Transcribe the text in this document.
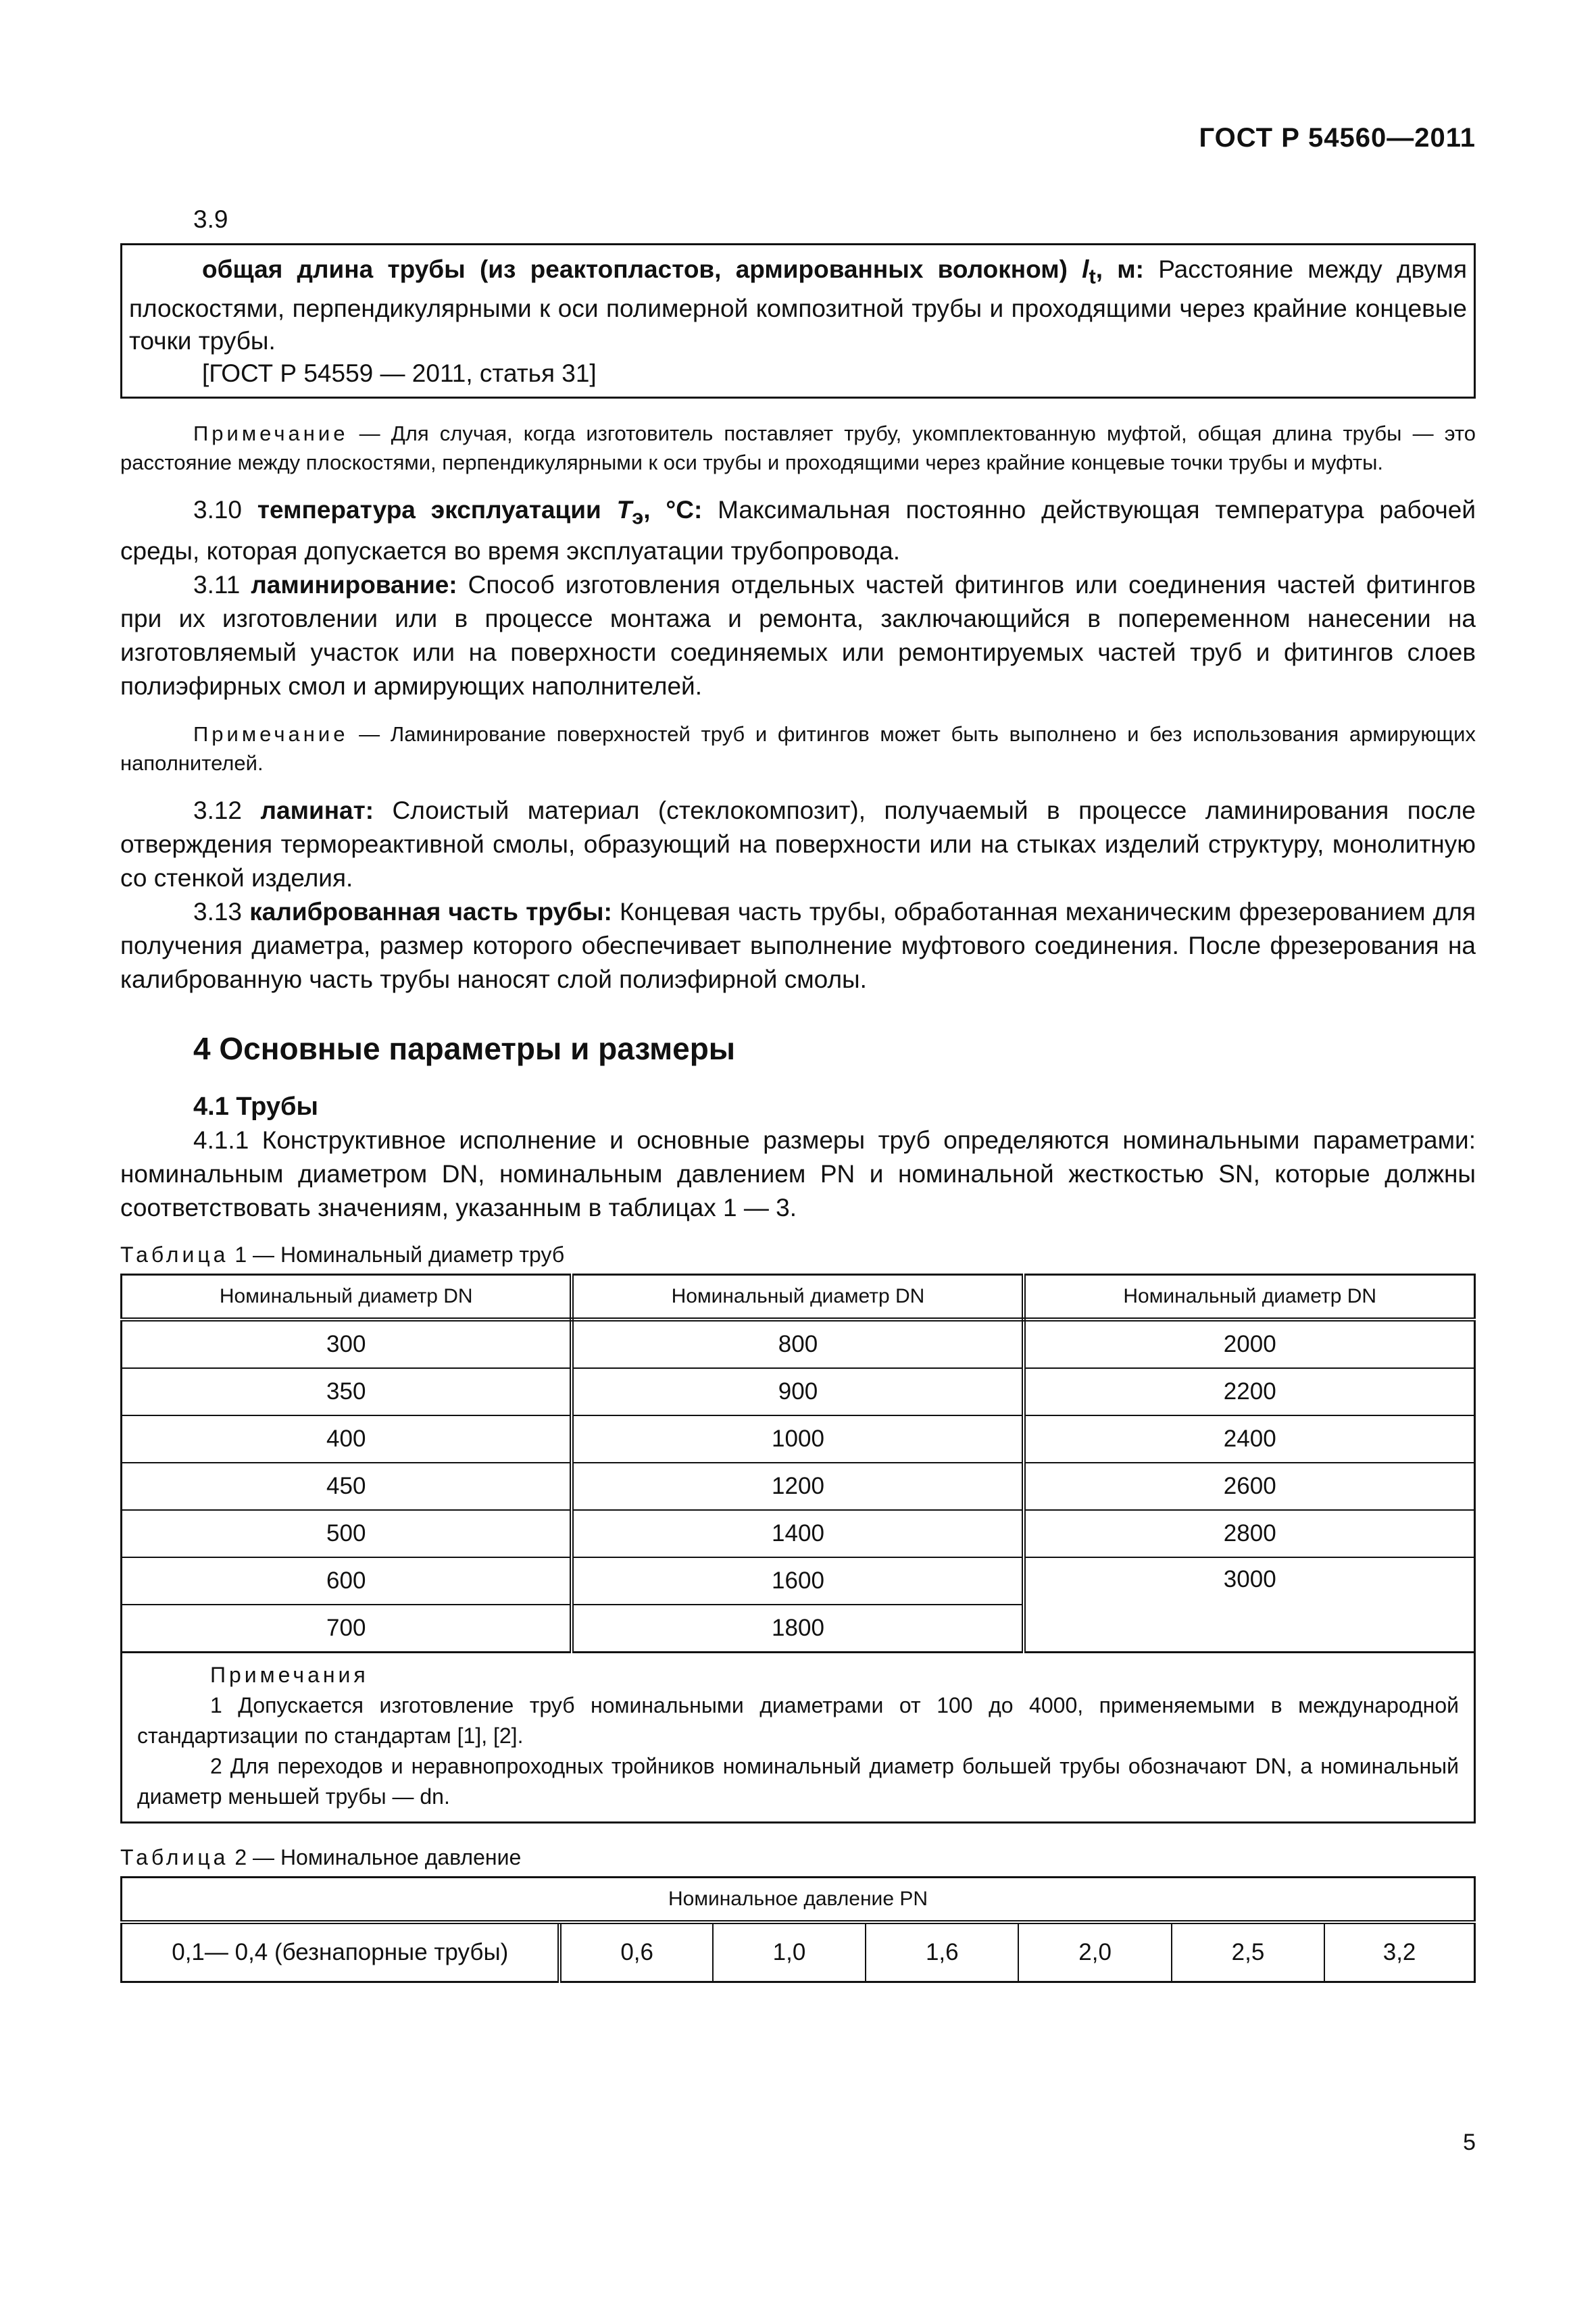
ГОСТ Р 54560—2011
3.9

общая длина трубы (из реактопластов, армированных волокном) $l_t$, м: Расстояние между двумя плоскостями, перпендикулярными к оси полимерной композитной трубы и проходящими через крайние концевые точки трубы.

[ГОСТ Р 54559 — 2011, статья 31]

Примечание — Для случая, когда изготовитель поставляет трубу, укомплектованную муфтой, общая длина трубы — это расстояние между плоскостями, перпендикулярными к оси трубы и проходящими через крайние концевые точки трубы и муфты.

3.10 температура эксплуатации $T_э$, °С: Максимальная постоянно действующая температура рабочей среды, которая допускается во время эксплуатации трубопровода.

3.11 ламинирование: Способ изготовления отдельных частей фитингов или соединения частей фитингов при их изготовлении или в процессе монтажа и ремонта, заключающийся в попеременном нанесении на изготовляемый участок или на поверхности соединяемых или ремонтируемых частей труб и фитингов слоев полиэфирных смол и армирующих наполнителей.

Примечание — Ламинирование поверхностей труб и фитингов может быть выполнено и без использования армирующих наполнителей.

3.12 ламинат: Слоистый материал (стеклокомпозит), получаемый в процессе ламинирования после отверждения термореактивной смолы, образующий на поверхности или на стыках изделий структуру, монолитную со стенкой изделия.

3.13 калиброванная часть трубы: Концевая часть трубы, обработанная механическим фрезерованием для получения диаметра, размер которого обеспечивает выполнение муфтового соединения. После фрезерования на калиброванную часть трубы наносят слой полиэфирной смолы.

4 Основные параметры и размеры
4.1 Трубы

4.1.1 Конструктивное исполнение и основные размеры труб определяются номинальными параметрами: номинальным диаметром DN, номинальным давлением PN и номинальной жесткостью SN, которые должны соответствовать значениям, указанным в таблицах 1 — 3.

Таблица 1 — Номинальный диаметр труб
Номинальный диаметр DN	Номинальный диаметр DN	Номинальный диаметр DN
300	800	2000
350	900	2200
400	1000	2400
450	1200	2600
500	1400	2800
600	1600	3000
700	1800	

Примечания

1 Допускается изготовление труб номинальными диаметрами от 100 до 4000, применяемыми в международной стандартизации по стандартам [1], [2].

2 Для переходов и неравнопроходных тройников номинальный диаметр большей трубы обозначают DN, а номинальный диаметр меньшей трубы — dn.

Таблица 2 — Номинальное давление
Номинальное давление PN
0,1— 0,4 (безнапорные трубы)	0,6	1,0	1,6	2,0	2,5	3,2
5
